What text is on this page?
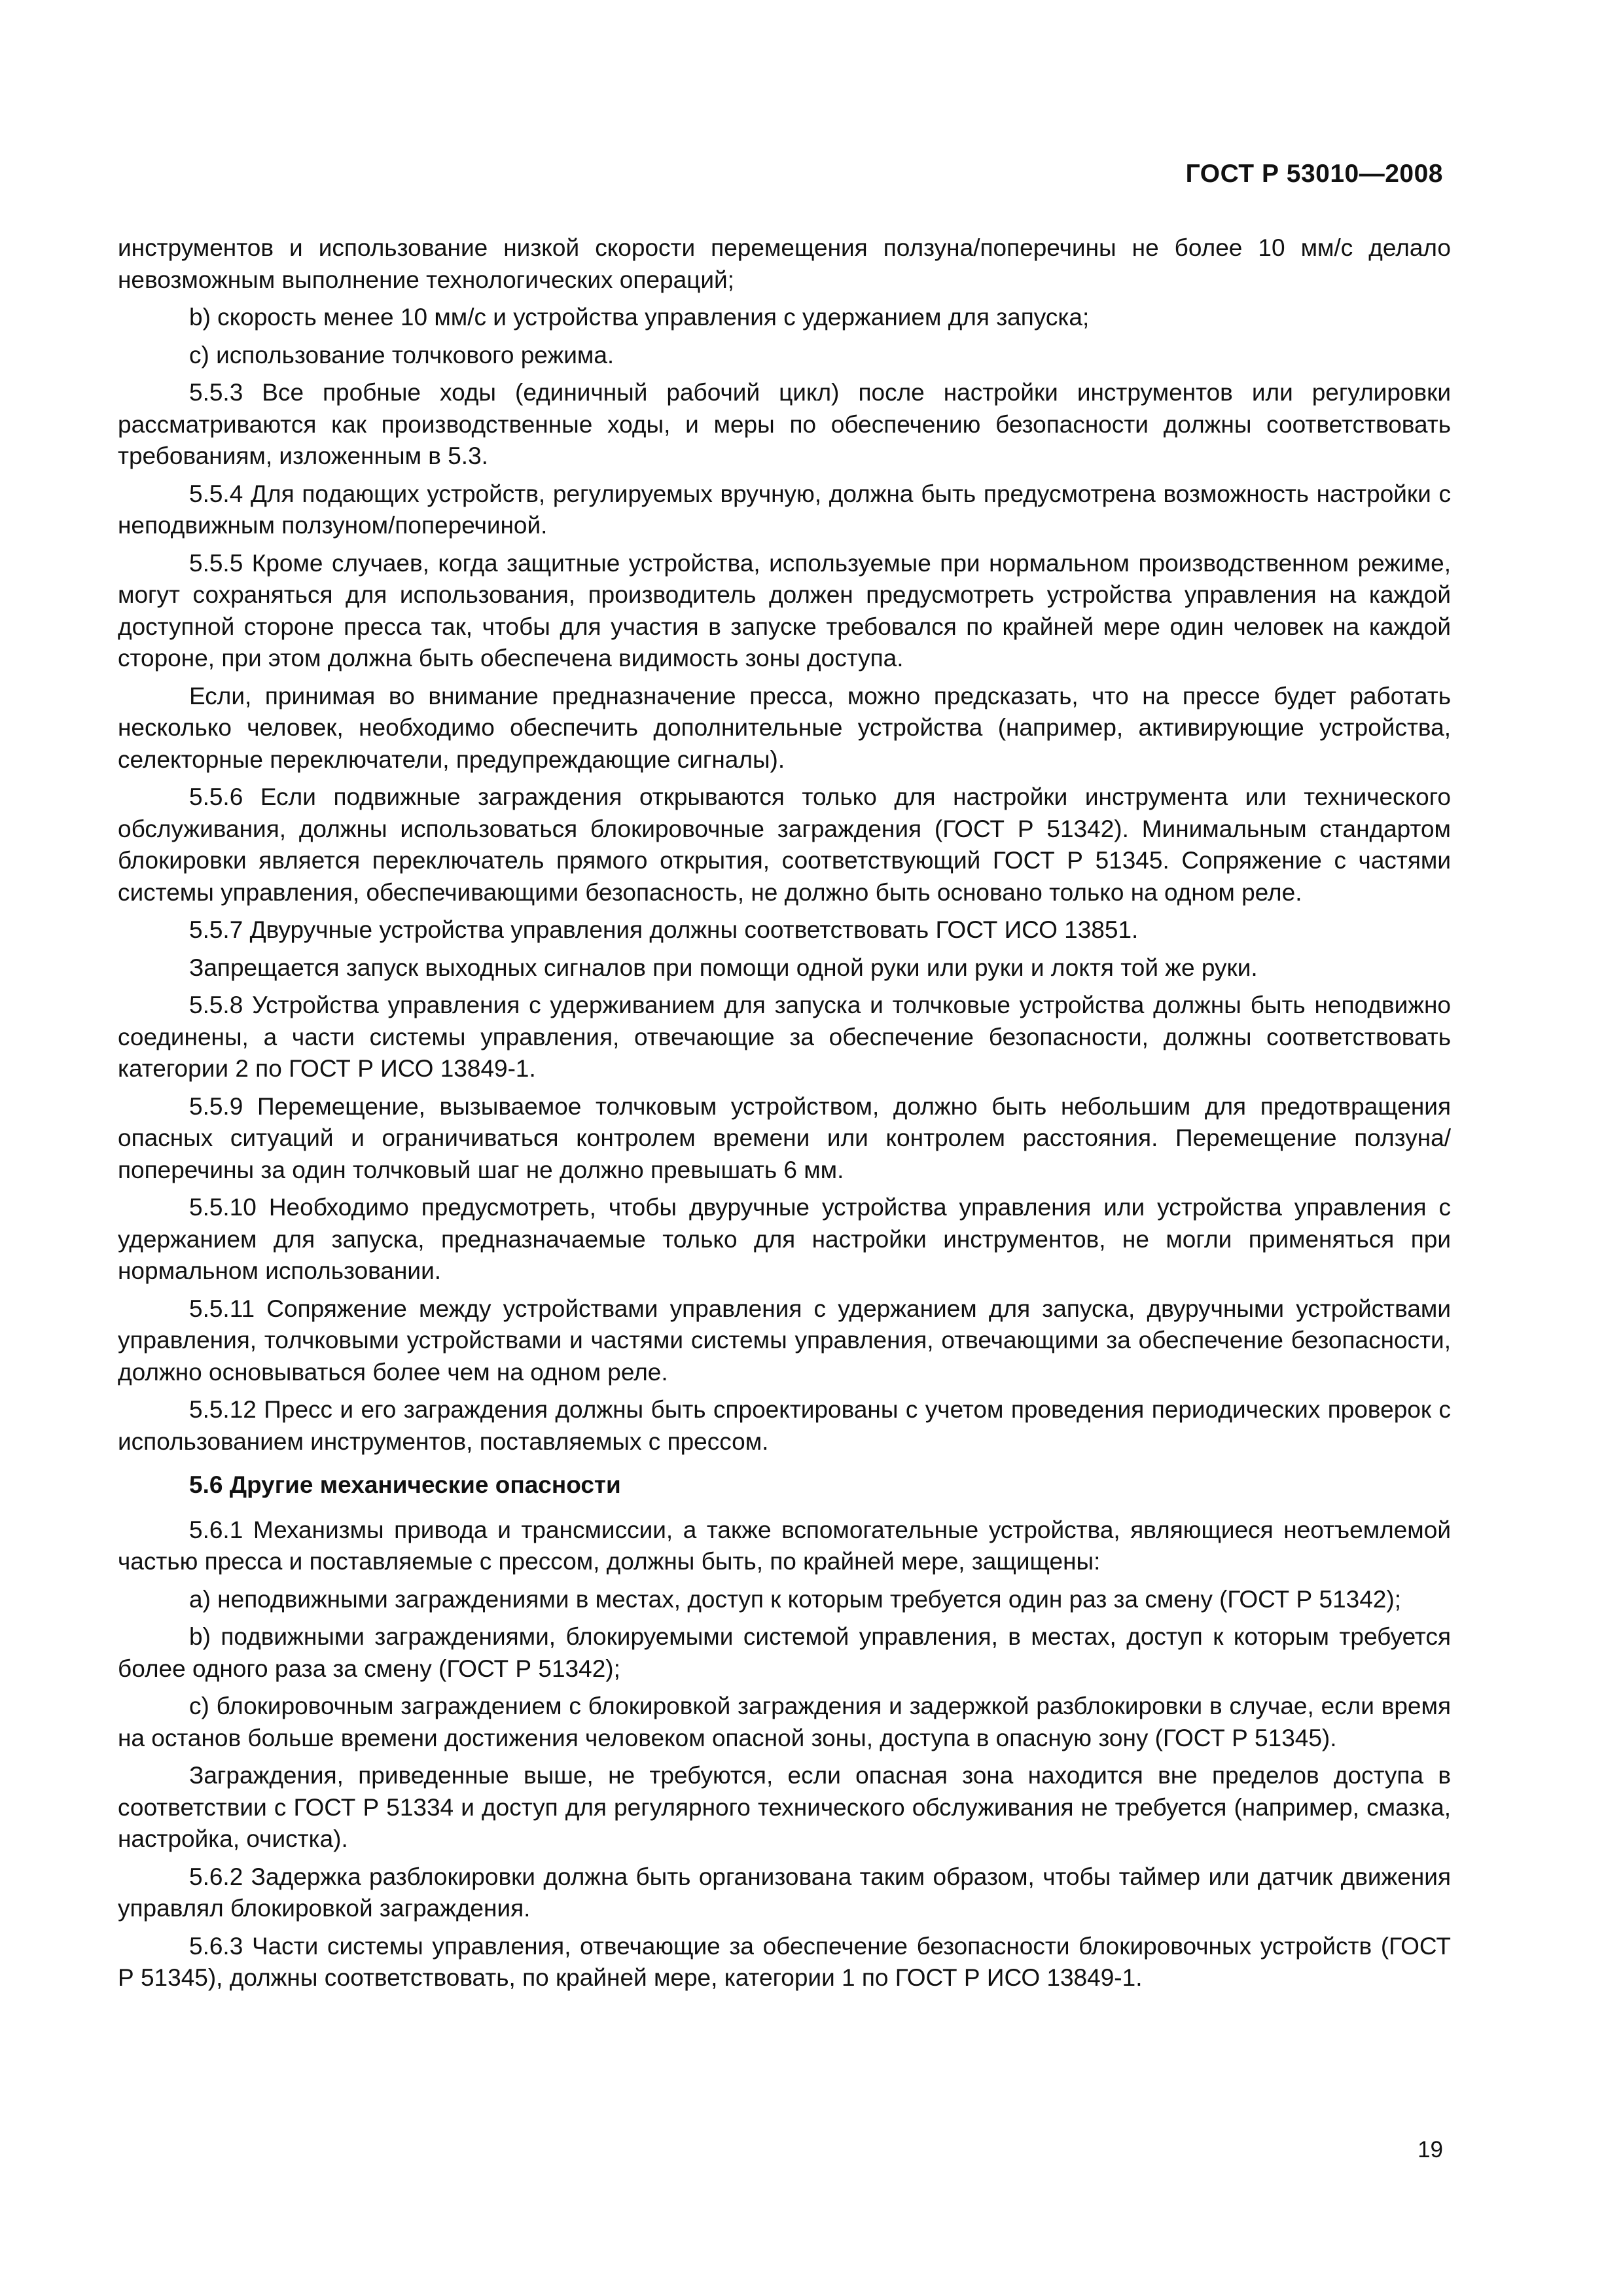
ГОСТ Р 53010—2008

инструментов и использование низкой скорости перемещения ползуна/поперечины не более 10 мм/с делало невозможным выполнение технологических операций;

b) скорость менее 10 мм/с и устройства управления с удержанием для запуска;

c) использование толчкового режима.

5.5.3 Все пробные ходы (единичный рабочий цикл) после настройки инструментов или регулировки рассматриваются как производственные ходы, и меры по обеспечению безопасности должны соответствовать требованиям, изложенным в 5.3.

5.5.4 Для подающих устройств, регулируемых вручную, должна быть предусмотрена возможность настройки с неподвижным ползуном/поперечиной.

5.5.5 Кроме случаев, когда защитные устройства, используемые при нормальном производственном режиме, могут сохраняться для использования, производитель должен предусмотреть устройства управления на каждой доступной стороне пресса так, чтобы для участия в запуске требовался по крайней мере один человек на каждой стороне, при этом должна быть обеспечена видимость зоны доступа.

Если, принимая во внимание предназначение пресса, можно предсказать, что на прессе будет работать несколько человек, необходимо обеспечить дополнительные устройства (например, активирующие устройства, селекторные переключатели, предупреждающие сигналы).

5.5.6 Если подвижные заграждения открываются только для настройки инструмента или технического обслуживания, должны использоваться блокировочные заграждения (ГОСТ Р 51342). Минимальным стандартом блокировки является переключатель прямого открытия, соответствующий ГОСТ Р 51345. Сопряжение с частями системы управления, обеспечивающими безопасность, не должно быть основано только на одном реле.

5.5.7 Двуручные устройства управления должны соответствовать ГОСТ ИСО 13851.

Запрещается запуск выходных сигналов при помощи одной руки или руки и локтя той же руки.

5.5.8 Устройства управления с удерживанием для запуска и толчковые устройства должны быть неподвижно соединены, а части системы управления, отвечающие за обеспечение безопасности, должны соответствовать категории 2 по ГОСТ Р ИСО 13849-1.

5.5.9 Перемещение, вызываемое толчковым устройством, должно быть небольшим для предотвращения опасных ситуаций и ограничиваться контролем времени или контролем расстояния. Перемещение ползуна/поперечины за один толчковый шаг не должно превышать 6 мм.

5.5.10 Необходимо предусмотреть, чтобы двуручные устройства управления или устройства управления с удержанием для запуска, предназначаемые только для настройки инструментов, не могли применяться при нормальном использовании.

5.5.11 Сопряжение между устройствами управления с удержанием для запуска, двуручными устройствами управления, толчковыми устройствами и частями системы управления, отвечающими за обеспечение безопасности, должно основываться более чем на одном реле.

5.5.12 Пресс и его заграждения должны быть спроектированы с учетом проведения периодических проверок с использованием инструментов, поставляемых с прессом.

5.6 Другие механические опасности

5.6.1 Механизмы привода и трансмиссии, а также вспомогательные устройства, являющиеся неотъемлемой частью пресса и поставляемые с прессом, должны быть, по крайней мере, защищены:

a) неподвижными заграждениями в местах, доступ к которым требуется один раз за смену (ГОСТ Р 51342);

b) подвижными заграждениями, блокируемыми системой управления, в местах, доступ к которым требуется более одного раза за смену (ГОСТ Р 51342);

c) блокировочным заграждением с блокировкой заграждения и задержкой разблокировки в случае, если время на останов больше времени достижения человеком опасной зоны, доступа в опасную зону (ГОСТ Р 51345).

Заграждения, приведенные выше, не требуются, если опасная зона находится вне пределов доступа в соответствии с ГОСТ Р 51334 и доступ для регулярного технического обслуживания не требуется (например, смазка, настройка, очистка).

5.6.2 Задержка разблокировки должна быть организована таким образом, чтобы таймер или датчик движения управлял блокировкой заграждения.

5.6.3 Части системы управления, отвечающие за обеспечение безопасности блокировочных устройств (ГОСТ Р 51345), должны соответствовать, по крайней мере, категории 1 по ГОСТ Р ИСО 13849-1.

19
